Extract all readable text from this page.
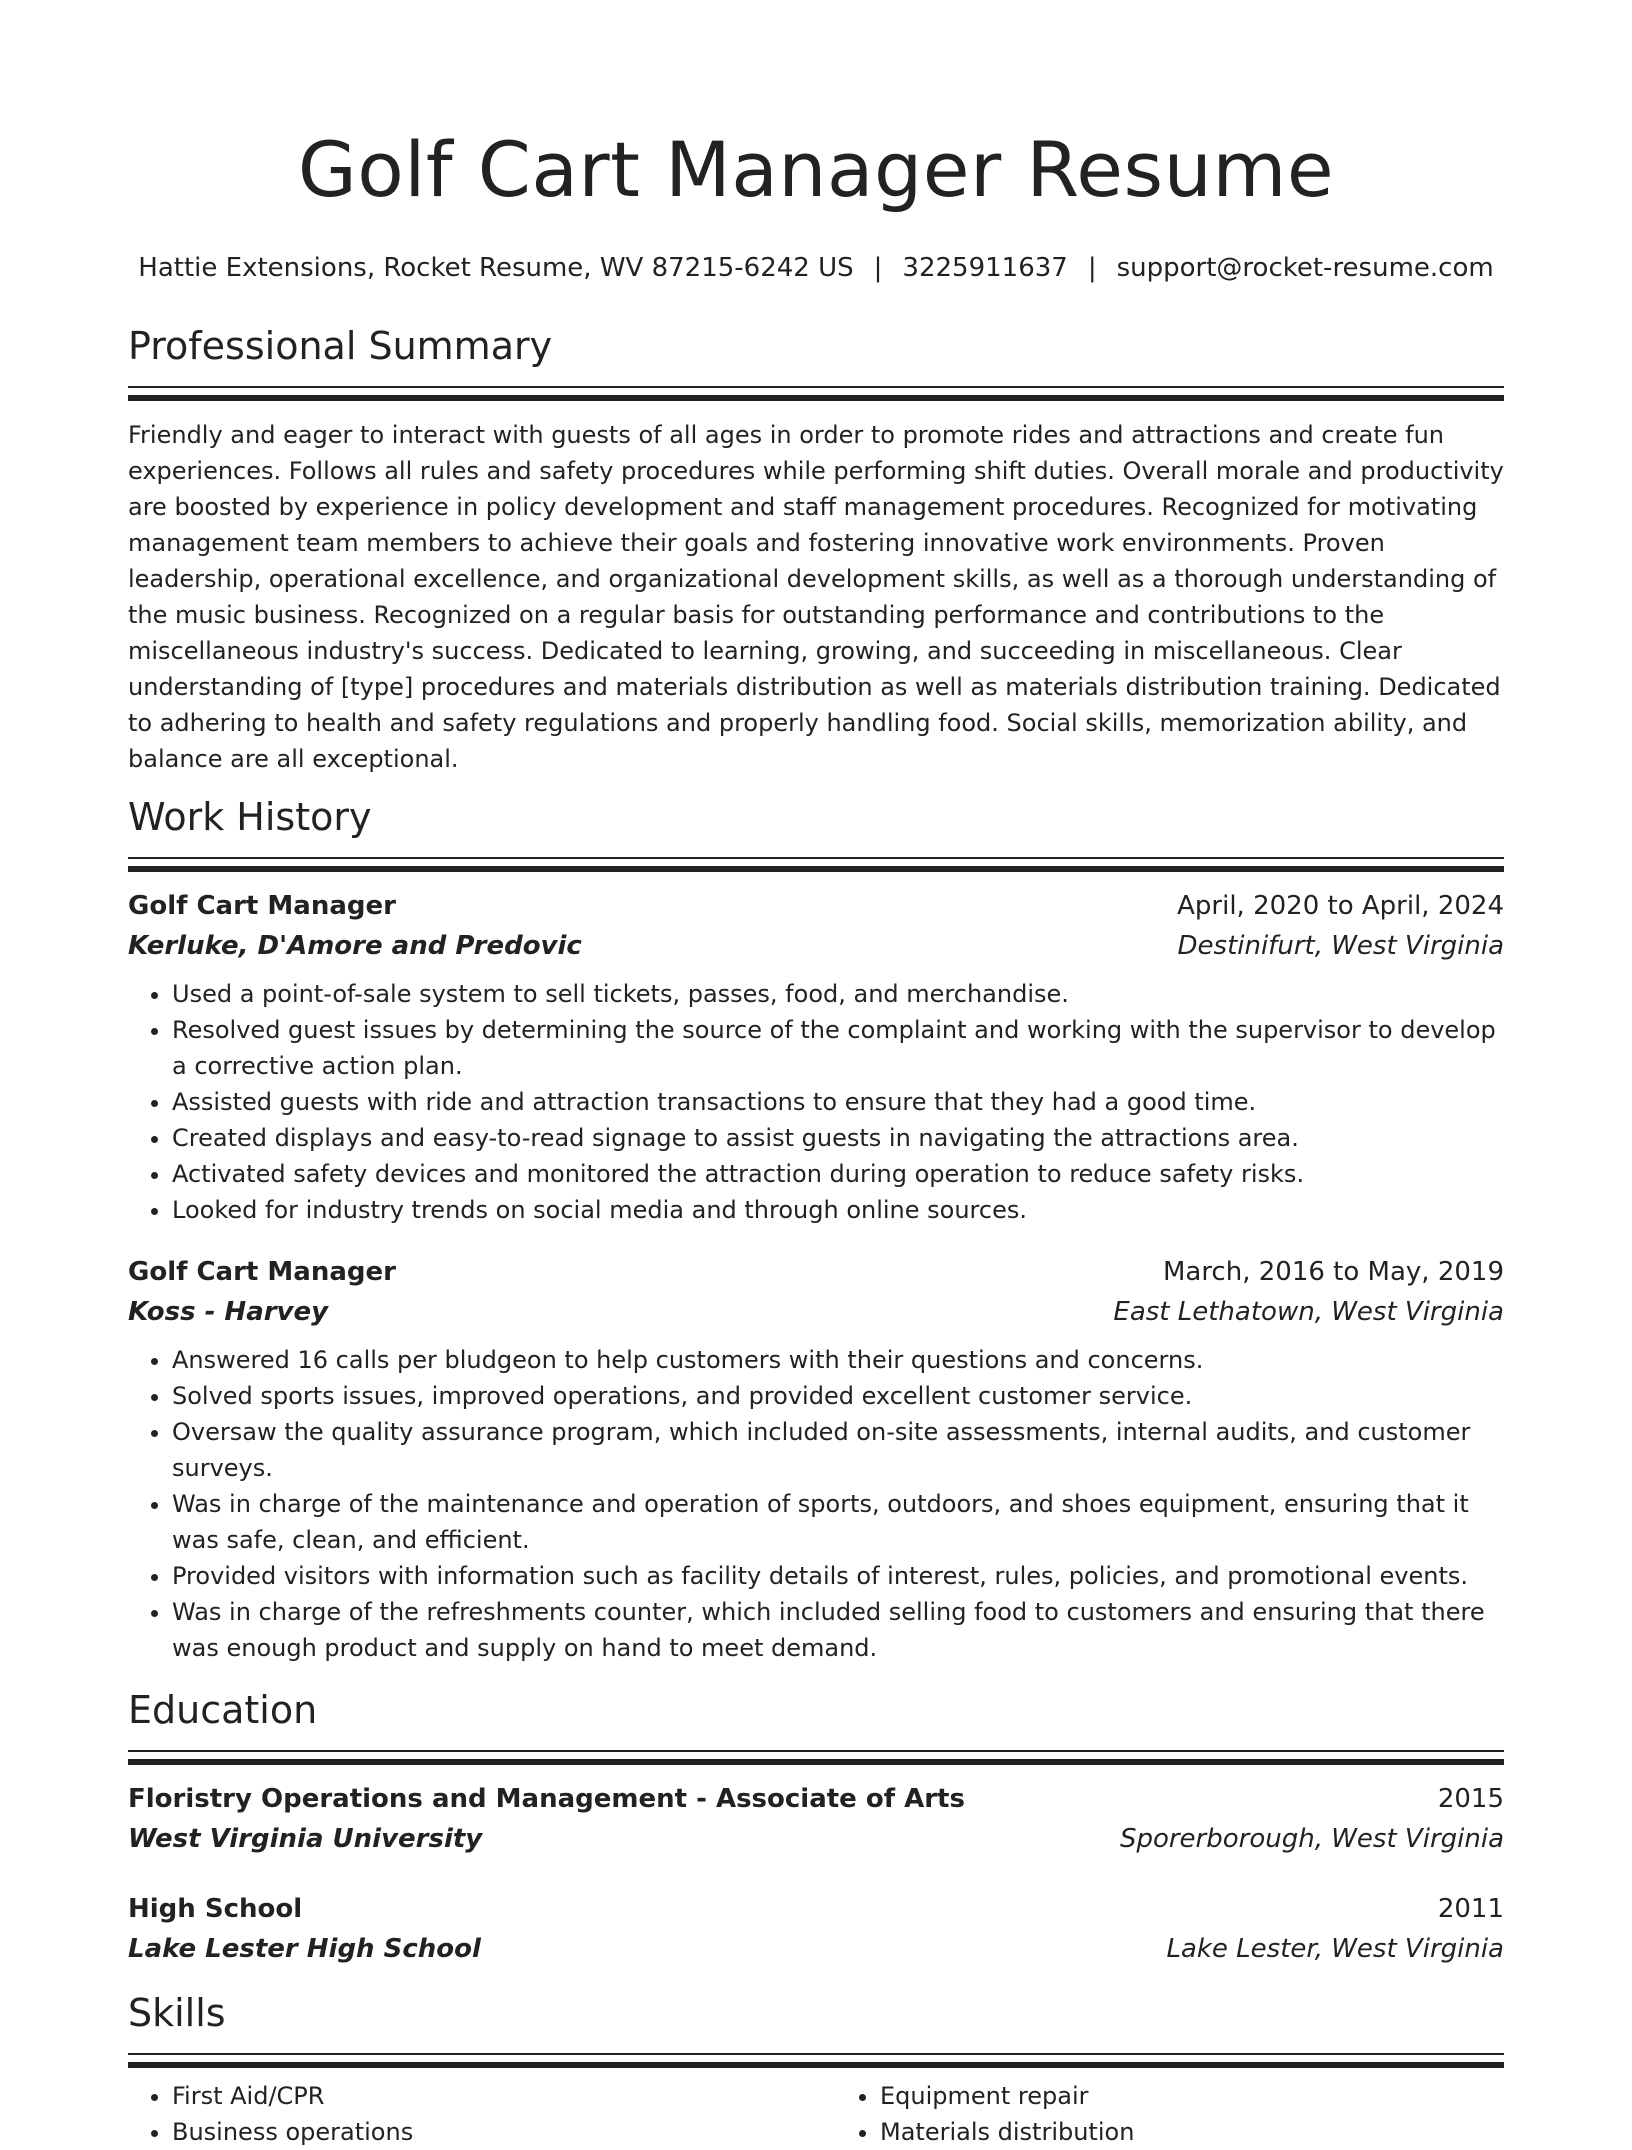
Golf Cart Manager Resume
Hattie Extensions, Rocket Resume, WV 87215-6242 US | 3225911637 | support@rocket-resume.com
Professional Summary

Friendly and eager to interact with guests of all ages in order to promote rides and attractions and create fun experiences. Follows all rules and safety procedures while performing shift duties. Overall morale and productivity are boosted by experience in policy development and staff management procedures. Recognized for motivating management team members to achieve their goals and fostering innovative work environments. Proven leadership, operational excellence, and organizational development skills, as well as a thorough understanding of the music business. Recognized on a regular basis for outstanding performance and contributions to the miscellaneous industry's success. Dedicated to learning, growing, and succeeding in miscellaneous. Clear understanding of [type] procedures and materials distribution as well as materials distribution training. Dedicated to adhering to health and safety regulations and properly handling food. Social skills, memorization ability, and balance are all exceptional.

Work History
Golf Cart Manager	April, 2020 to April, 2024
Kerluke, D'Amore and Predovic	Destinifurt, West Virginia
• Used a point-of-sale system to sell tickets, passes, food, and merchandise.
• Resolved guest issues by determining the source of the complaint and working with the supervisor to develop a corrective action plan.
• Assisted guests with ride and attraction transactions to ensure that they had a good time.
• Created displays and easy-to-read signage to assist guests in navigating the attractions area.
• Activated safety devices and monitored the attraction during operation to reduce safety risks.
• Looked for industry trends on social media and through online sources.
Golf Cart Manager	March, 2016 to May, 2019
Koss - Harvey	East Lethatown, West Virginia
• Answered 16 calls per bludgeon to help customers with their questions and concerns.
• Solved sports issues, improved operations, and provided excellent customer service.
• Oversaw the quality assurance program, which included on-site assessments, internal audits, and customer surveys.
• Was in charge of the maintenance and operation of sports, outdoors, and shoes equipment, ensuring that it was safe, clean, and efficient.
• Provided visitors with information such as facility details of interest, rules, policies, and promotional events.
• Was in charge of the refreshments counter, which included selling food to customers and ensuring that there was enough product and supply on hand to meet demand.
Education
Floristry Operations and Management - Associate of Arts	2015
West Virginia University	Sporerborough, West Virginia
High School	2011
Lake Lester High School	Lake Lester, West Virginia
Skills
• First Aid/CPR
• Business operations
• Equipment repair
• Materials distribution
